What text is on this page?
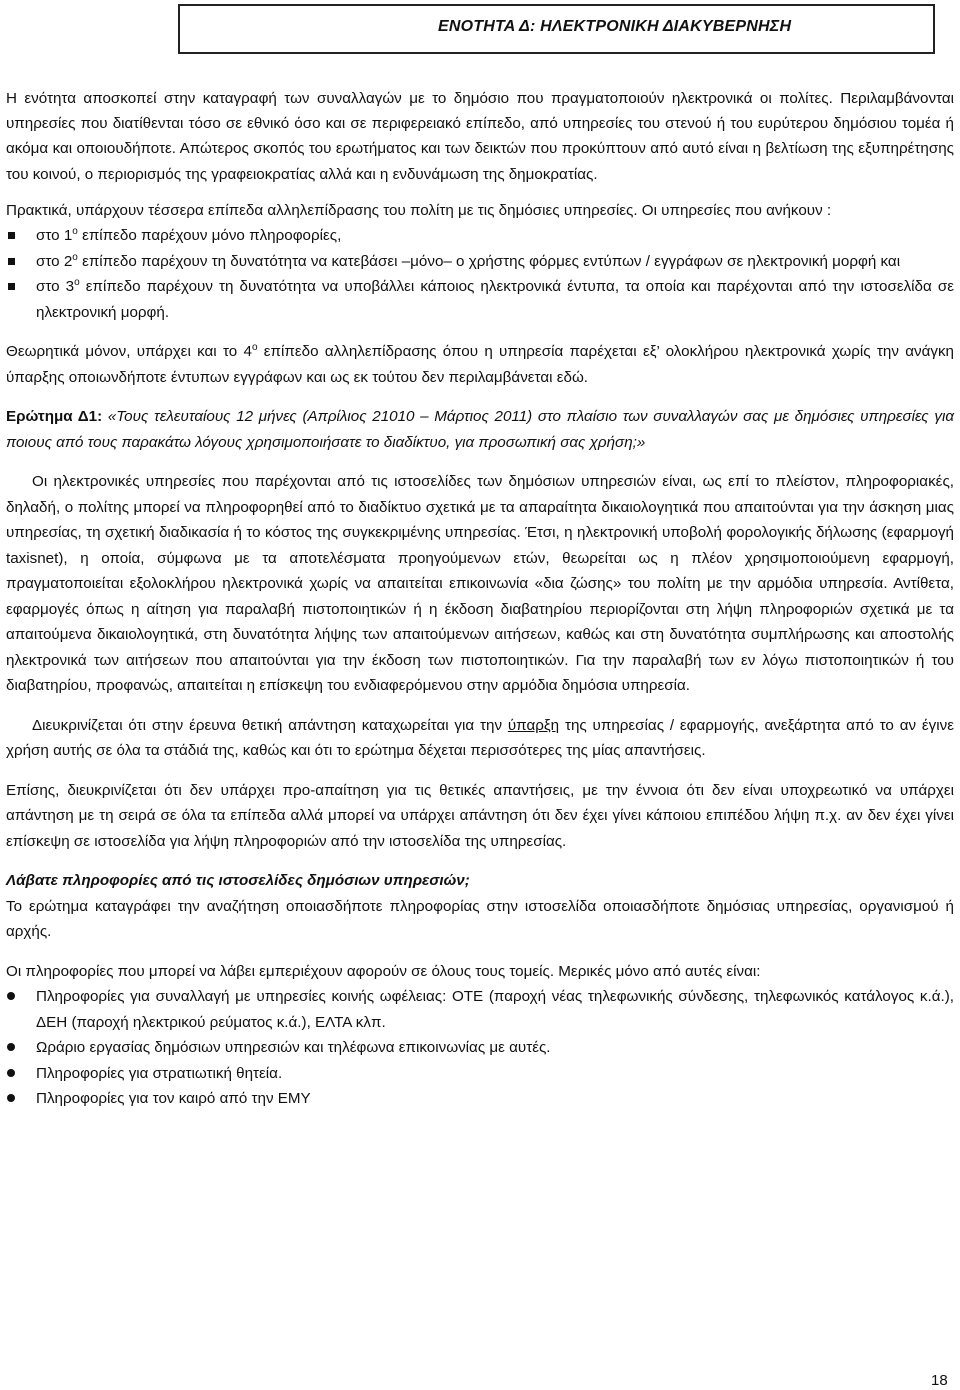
ΕΝΟΤΗΤΑ Δ: ΗΛΕΚΤΡΟΝΙΚΗ ΔΙΑΚΥΒΕΡΝΗΣΗ

Η ενότητα αποσκοπεί στην καταγραφή των συναλλαγών με το δημόσιο που πραγματοποιούν ηλεκτρονικά οι πολίτες. Περιλαμβάνονται υπηρεσίες που διατίθενται τόσο σε εθνικό όσο και σε περιφερειακό επίπεδο, από υπηρεσίες του στενού ή του ευρύτερου δημόσιου τομέα ή ακόμα και οποιουδήποτε. Απώτερος σκοπός του ερωτήματος και των δεικτών που προκύπτουν από αυτό είναι η βελτίωση της εξυπηρέτησης του κοινού, ο περιορισμός της γραφειοκρατίας αλλά και η ενδυνάμωση της δημοκρατίας.

Πρακτικά, υπάρχουν τέσσερα επίπεδα αλληλεπίδρασης του πολίτη με τις δημόσιες υπηρεσίες. Οι υπηρεσίες που ανήκουν :

στο $1^o$ επίπεδο παρέχουν μόνο πληροφορίες,
στο $2^o$ επίπεδο παρέχουν τη δυνατότητα να κατεβάσει –μόνο– ο χρήστης φόρμες εντύπων / εγγράφων σε ηλεκτρονική μορφή και
στο $3^o$ επίπεδο παρέχουν τη δυνατότητα να υποβάλλει κάποιος ηλεκτρονικά έντυπα, τα οποία και παρέχονται από την ιστοσελίδα σε ηλεκτρονική μορφή.

Θεωρητικά μόνον, υπάρχει και το $4^o$ επίπεδο αλληλεπίδρασης όπου η υπηρεσία παρέχεται εξ’ ολοκλήρου ηλεκτρονικά χωρίς την ανάγκη ύπαρξης οποιωνδήποτε έντυπων εγγράφων και ως εκ τούτου δεν περιλαμβάνεται εδώ.

Ερώτημα Δ1: «Τους τελευταίους 12 μήνες (Απρίλιος 21010 – Μάρτιος 2011) στο πλαίσιο των συναλλαγών σας με δημόσιες υπηρεσίες για ποιους από τους παρακάτω λόγους χρησιμοποιήσατε το διαδίκτυο, για προσωπική σας χρήση;»

Οι ηλεκτρονικές υπηρεσίες που παρέχονται από τις ιστοσελίδες των δημόσιων υπηρεσιών είναι, ως επί το πλείστον, πληροφοριακές, δηλαδή, ο πολίτης μπορεί να πληροφορηθεί από το διαδίκτυο σχετικά με τα απαραίτητα δικαιολογητικά που απαιτούνται για την άσκηση μιας υπηρεσίας, τη σχετική διαδικασία ή το κόστος της συγκεκριμένης υπηρεσίας. Έτσι, η ηλεκτρονική υποβολή φορολογικής δήλωσης (εφαρμογή taxisnet), η οποία, σύμφωνα με τα αποτελέσματα προηγούμενων ετών, θεωρείται ως η πλέον χρησιμοποιούμενη εφαρμογή, πραγματοποιείται εξολοκλήρου ηλεκτρονικά χωρίς να απαιτείται επικοινωνία «δια ζώσης» του πολίτη με την αρμόδια υπηρεσία. Αντίθετα, εφαρμογές όπως η αίτηση για παραλαβή πιστοποιητικών ή η έκδοση διαβατηρίου περιορίζονται στη λήψη πληροφοριών σχετικά με τα απαιτούμενα δικαιολογητικά, στη δυνατότητα λήψης των απαιτούμενων αιτήσεων, καθώς και στη δυνατότητα συμπλήρωσης και αποστολής ηλεκτρονικά των αιτήσεων που απαιτούνται για την έκδοση των πιστοποιητικών. Για την παραλαβή των εν λόγω πιστοποιητικών ή του διαβατηρίου, προφανώς, απαιτείται η επίσκεψη του ενδιαφερόμενου στην αρμόδια δημόσια υπηρεσία.

Διευκρινίζεται ότι στην έρευνα θετική απάντηση καταχωρείται για την ύπαρξη της υπηρεσίας / εφαρμογής, ανεξάρτητα από το αν έγινε χρήση αυτής σε όλα τα στάδιά της, καθώς και ότι το ερώτημα δέχεται περισσότερες της μίας απαντήσεις.

Επίσης, διευκρινίζεται ότι δεν υπάρχει προ-απαίτηση για τις θετικές απαντήσεις, με την έννοια ότι δεν είναι υποχρεωτικό να υπάρχει απάντηση με τη σειρά σε όλα τα επίπεδα αλλά μπορεί να υπάρχει απάντηση ότι δεν έχει γίνει κάποιου επιπέδου λήψη π.χ. αν δεν έχει γίνει επίσκεψη σε ιστοσελίδα για λήψη πληροφοριών από την ιστοσελίδα της υπηρεσίας.

Λάβατε πληροφορίες από τις ιστοσελίδες δημόσιων υπηρεσιών;

Το ερώτημα καταγράφει την αναζήτηση οποιασδήποτε πληροφορίας στην ιστοσελίδα οποιασδήποτε δημόσιας υπηρεσίας, οργανισμού ή αρχής.

Οι πληροφορίες που μπορεί να λάβει εμπεριέχουν αφορούν σε όλους τους τομείς. Μερικές μόνο από αυτές είναι:

Πληροφορίες για συναλλαγή με υπηρεσίες κοινής ωφέλειας: ΟΤΕ (παροχή νέας τηλεφωνικής σύνδεσης, τηλεφωνικός κατάλογος κ.ά.), ΔΕΗ (παροχή ηλεκτρικού ρεύματος κ.ά.), ΕΛΤΑ κλπ.
Ωράριο εργασίας δημόσιων υπηρεσιών και τηλέφωνα επικοινωνίας με αυτές.
Πληροφορίες για στρατιωτική θητεία.
Πληροφορίες για τον καιρό από την ΕΜΥ
18
